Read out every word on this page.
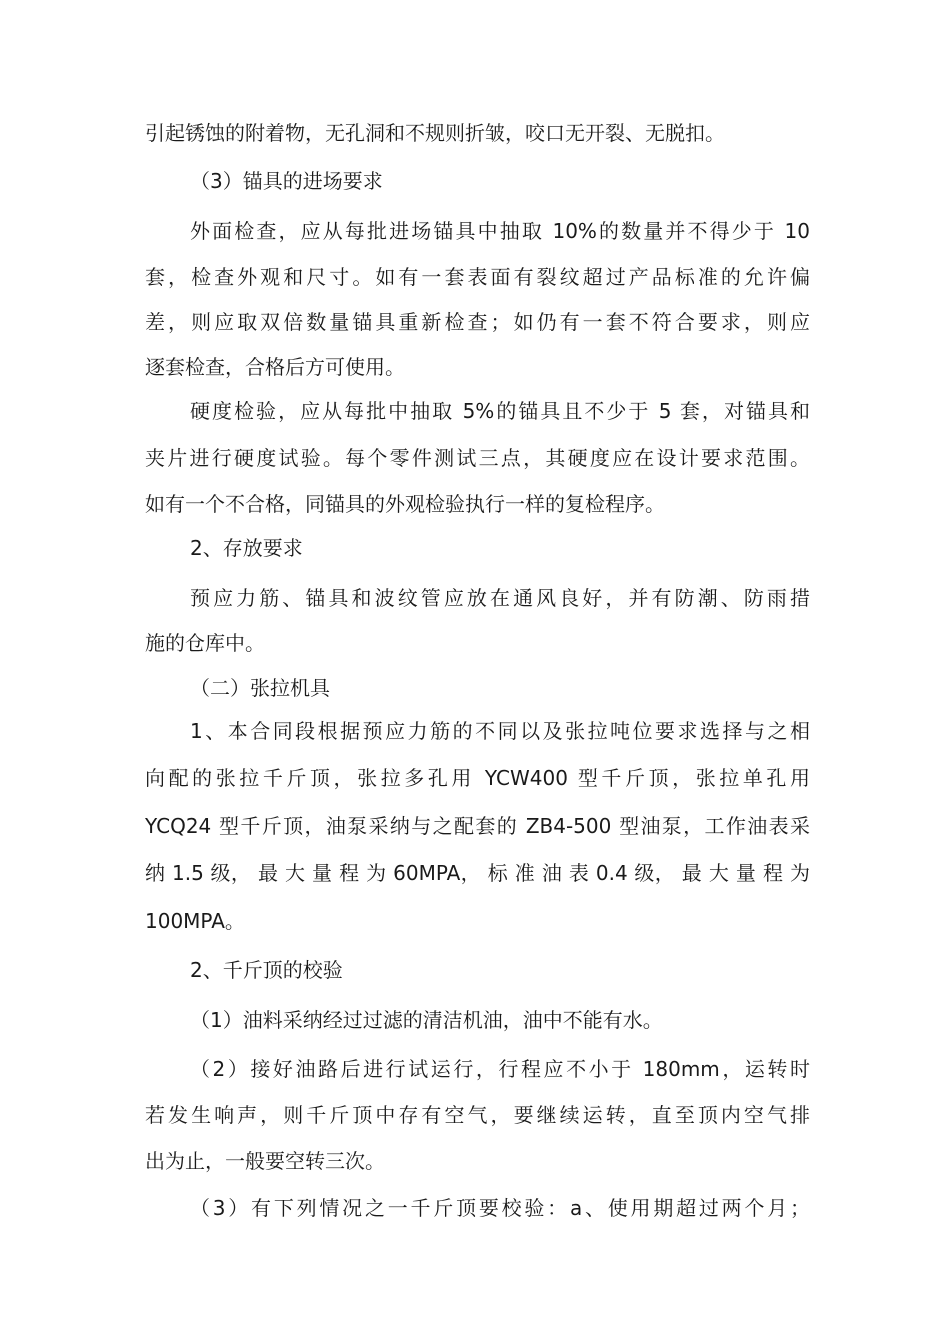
引起锈蚀的附着物，无孔洞和不规则折皱，咬口无开裂、无脱扣。

（3）锚具的进场要求

外面检查，应从每批进场锚具中抽取 10%的数量并不得少于 10

套，检查外观和尺寸。如有一套表面有裂纹超过产品标准的允许偏

差，则应取双倍数量锚具重新检查；如仍有一套不符合要求，则应

逐套检查，合格后方可使用。

硬度检验，应从每批中抽取 5%的锚具且不少于 5 套，对锚具和

夹片进行硬度试验。每个零件测试三点，其硬度应在设计要求范围。

如有一个不合格，同锚具的外观检验执行一样的复检程序。

2、存放要求

预应力筋、锚具和波纹管应放在通风良好，并有防潮、防雨措

施的仓库中。

（二）张拉机具

1、本合同段根据预应力筋的不同以及张拉吨位要求选择与之相

向配的张拉千斤顶，张拉多孔用 YCW400 型千斤顶，张拉单孔用

YCQ24 型千斤顶，油泵采纳与之配套的 ZB4-500 型油泵，工作油表采

纳 1.5 级， 最 大 量 程 为 60MPA， 标 准 油 表 0.4 级， 最 大 量 程 为

100MPA。

2、千斤顶的校验

（1）油料采纳经过过滤的清洁机油，油中不能有水。

（2）接好油路后进行试运行，行程应不小于 180mm，运转时

若发生响声，则千斤顶中存有空气，要继续运转，直至顶内空气排

出为止，一般要空转三次。

（3）有下列情况之一千斤顶要校验：a、使用期超过两个月；
